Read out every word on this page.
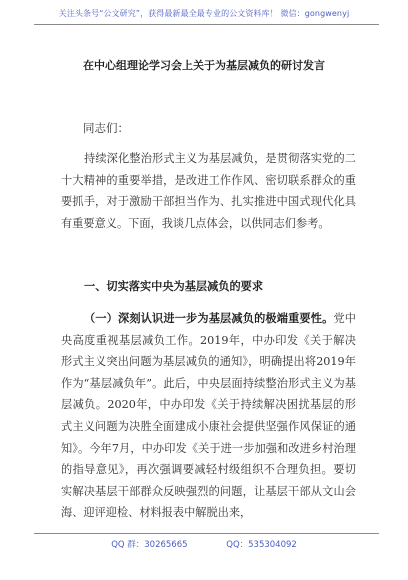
关注头条号“公文研究”，获得最新最全最专业的公文资料库！ 微信：gongwenyj
在中心组理论学习会上关于为基层减负的研讨发言
同志们：

持续深化整治形式主义为基层减负，是贯彻落实党的二十大精神的重要举措，是改进工作作风、密切联系群众的重要抓手，对于激励干部担当作为、扎实推进中国式现代化具有重要意义。下面，我谈几点体会，以供同志们参考。

一、切实落实中央为基层减负的要求

（一）深刻认识进一步为基层减负的极端重要性。党中央高度重视基层减负工作。2019年，中办印发《关于解决形式主义突出问题为基层减负的通知》，明确提出将2019年作为“基层减负年”。此后，中央层面持续整治形式主义为基层减负。2020年，中办印发《关于持续解决困扰基层的形式主义问题为决胜全面建成小康社会提供坚强作风保证的通知》。今年7月，中办印发《关于进一步加强和改进乡村治理的指导意见》，再次强调要减轻村级组织不合理负担。要切实解决基层干部群众反映强烈的问题，让基层干部从文山会海、迎评迎检、材料报表中解脱出来，

QQ 群：30265665	QQ：535304092
